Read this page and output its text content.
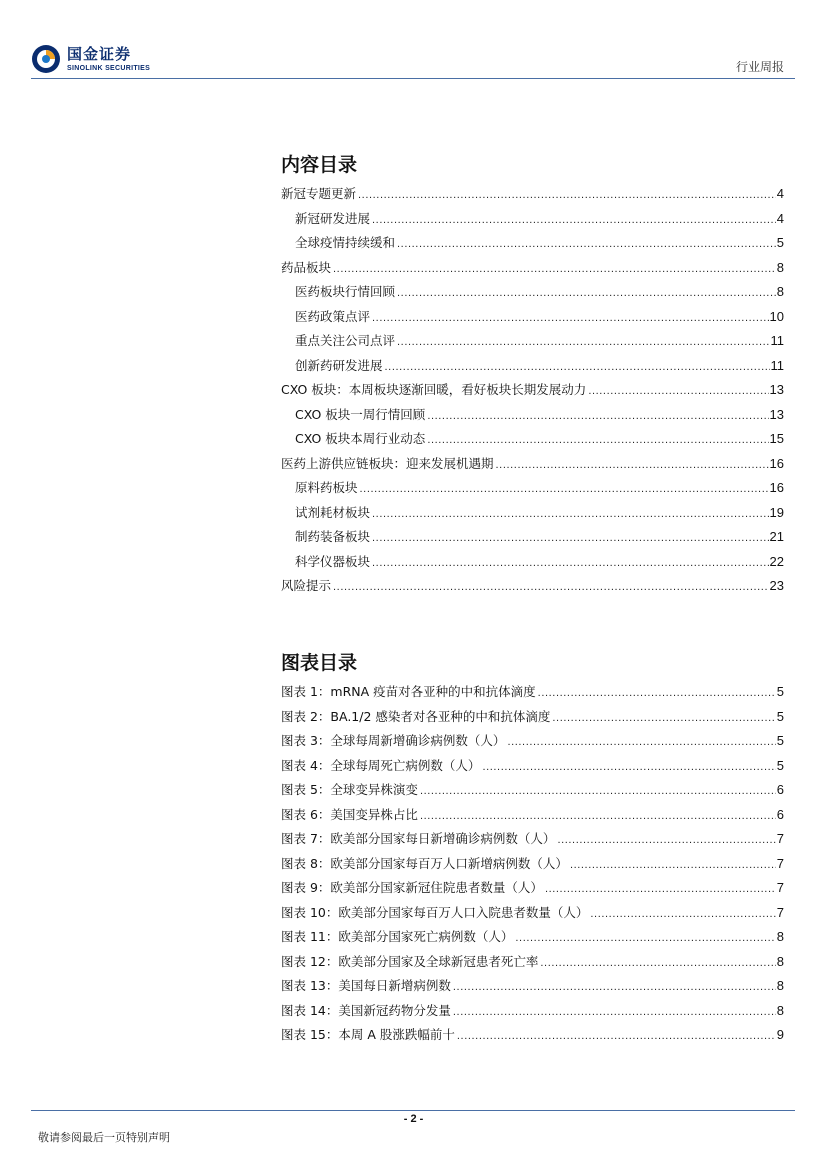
国金证券
SINOLINK SECURITIES	行业周报
内容目录
新冠专题更新 .....	4
新冠研发进展 .....	4
全球疫情持续缓和 .....	5
药品板块 .....	8
医药板块行情回顾 .....	8
医药政策点评 .....	10
重点关注公司点评 .....	11
创新药研发进展 .....	11
CXO 板块：本周板块逐渐回暖，看好板块长期发展动力 .....	13
CXO 板块一周行情回顾 .....	13
CXO 板块本周行业动态 .....	15
医药上游供应链板块：迎来发展机遇期 .....	16
原料药板块 .....	16
试剂耗材板块 .....	19
制药装备板块 .....	21
科学仪器板块 .....	22
风险提示 .....	23
图表目录
图表 1：mRNA 疫苗对各亚种的中和抗体滴度 .....	5
图表 2：BA.1/2 感染者对各亚种的中和抗体滴度 .....	5
图表 3：全球每周新增确诊病例数（人） .....	5
图表 4：全球每周死亡病例数（人） .....	5
图表 5：全球变异株演变 .....	6
图表 6：美国变异株占比 .....	6
图表 7：欧美部分国家每日新增确诊病例数（人） .....	7
图表 8：欧美部分国家每百万人口新增病例数（人） .....	7
图表 9：欧美部分国家新冠住院患者数量（人） .....	7
图表 10：欧美部分国家每百万人口入院患者数量（人） .....	7
图表 11：欧美部分国家死亡病例数（人） .....	8
图表 12：欧美部分国家及全球新冠患者死亡率 .....	8
图表 13：美国每日新增病例数 .....	8
图表 14：美国新冠药物分发量 .....	8
图表 15：本周 A 股涨跌幅前十 .....	9
- 2 -
敬请参阅最后一页特别声明
